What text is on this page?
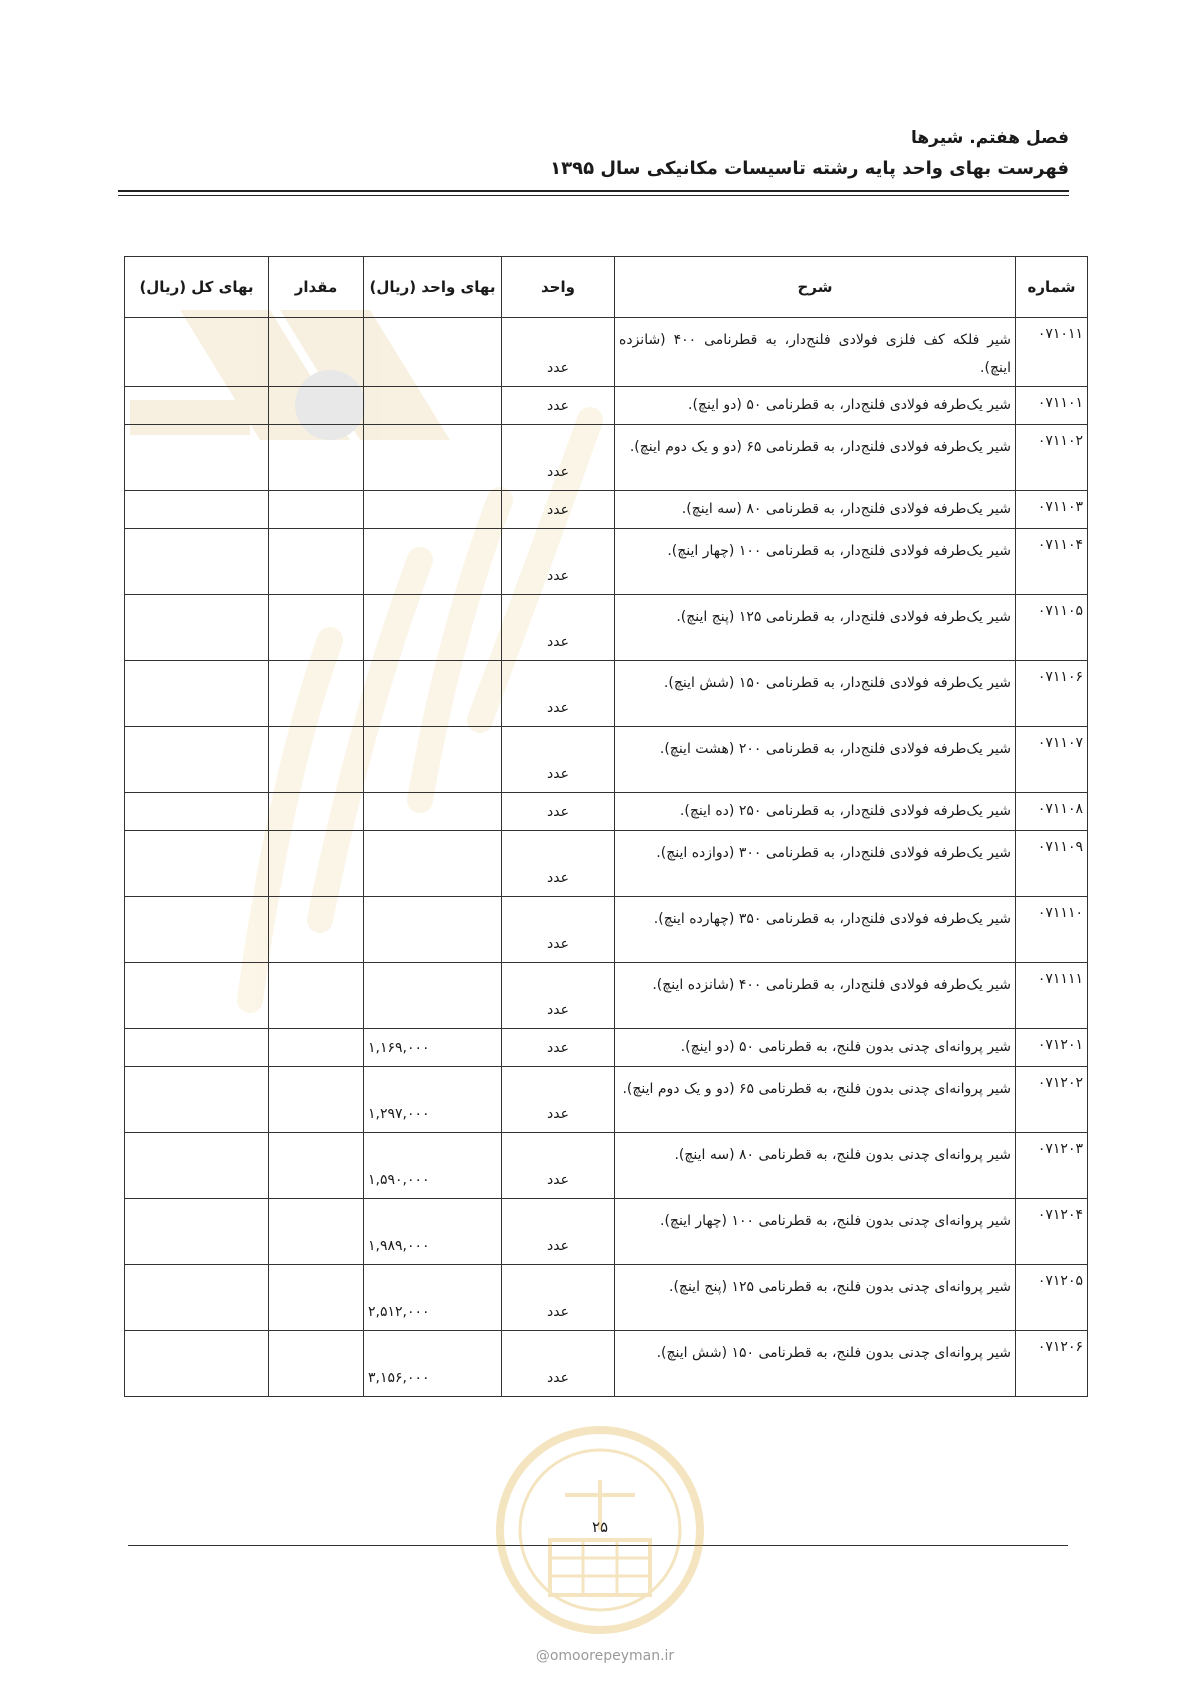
فصل هفتم. شیرها
فهرست بهای واحد پایه رشته تاسیسات مکانیکی سال ۱۳۹۵
شماره	شرح	واحد	بهای واحد (ریال)	مقدار	بهای کل (ریال)
۰۷۱۰۱۱	شیر فلکه کف فلزی فولادی فلنج‌دار، به قطرنامی ۴۰۰ (شانزده اینچ).	عدد			
۰۷۱۱۰۱	شیر یک‌طرفه فولادی فلنج‌دار، به قطرنامی ۵۰ (دو اینچ).	عدد			
۰۷۱۱۰۲	شیر یک‌طرفه فولادی فلنج‌دار، به قطرنامی ۶۵ (دو و یک دوم اینچ).	عدد			
۰۷۱۱۰۳	شیر یک‌طرفه فولادی فلنج‌دار، به قطرنامی ۸۰ (سه اینچ).	عدد			
۰۷۱۱۰۴	شیر یک‌طرفه فولادی فلنج‌دار، به قطرنامی ۱۰۰ (چهار اینچ).	عدد			
۰۷۱۱۰۵	شیر یک‌طرفه فولادی فلنج‌دار، به قطرنامی ۱۲۵ (پنج اینچ).	عدد			
۰۷۱۱۰۶	شیر یک‌طرفه فولادی فلنج‌دار، به قطرنامی ۱۵۰ (شش اینچ).	عدد			
۰۷۱۱۰۷	شیر یک‌طرفه فولادی فلنج‌دار، به قطرنامی ۲۰۰ (هشت اینچ).	عدد			
۰۷۱۱۰۸	شیر یک‌طرفه فولادی فلنج‌دار، به قطرنامی ۲۵۰ (ده اینچ).	عدد			
۰۷۱۱۰۹	شیر یک‌طرفه فولادی فلنج‌دار، به قطرنامی ۳۰۰ (دوازده اینچ).	عدد			
۰۷۱۱۱۰	شیر یک‌طرفه فولادی فلنج‌دار، به قطرنامی ۳۵۰ (چهارده اینچ).	عدد			
۰۷۱۱۱۱	شیر یک‌طرفه فولادی فلنج‌دار، به قطرنامی ۴۰۰ (شانزده اینچ).	عدد			
۰۷۱۲۰۱	شیر پروانه‌ای چدنی بدون فلنج، به قطرنامی ۵۰ (دو اینچ).	عدد	۱,۱۶۹,۰۰۰		
۰۷۱۲۰۲	شیر پروانه‌ای چدنی بدون فلنج، به قطرنامی ۶۵ (دو و یک دوم اینچ).	عدد	۱,۲۹۷,۰۰۰		
۰۷۱۲۰۳	شیر پروانه‌ای چدنی بدون فلنج، به قطرنامی ۸۰ (سه اینچ).	عدد	۱,۵۹۰,۰۰۰		
۰۷۱۲۰۴	شیر پروانه‌ای چدنی بدون فلنج، به قطرنامی ۱۰۰ (چهار اینچ).	عدد	۱,۹۸۹,۰۰۰		
۰۷۱۲۰۵	شیر پروانه‌ای چدنی بدون فلنج، به قطرنامی ۱۲۵ (پنج اینچ).	عدد	۲,۵۱۲,۰۰۰		
۰۷۱۲۰۶	شیر پروانه‌ای چدنی بدون فلنج، به قطرنامی ۱۵۰ (شش اینچ).	عدد	۳,۱۵۶,۰۰۰		
۲۵
@omoorepeyman.ir
